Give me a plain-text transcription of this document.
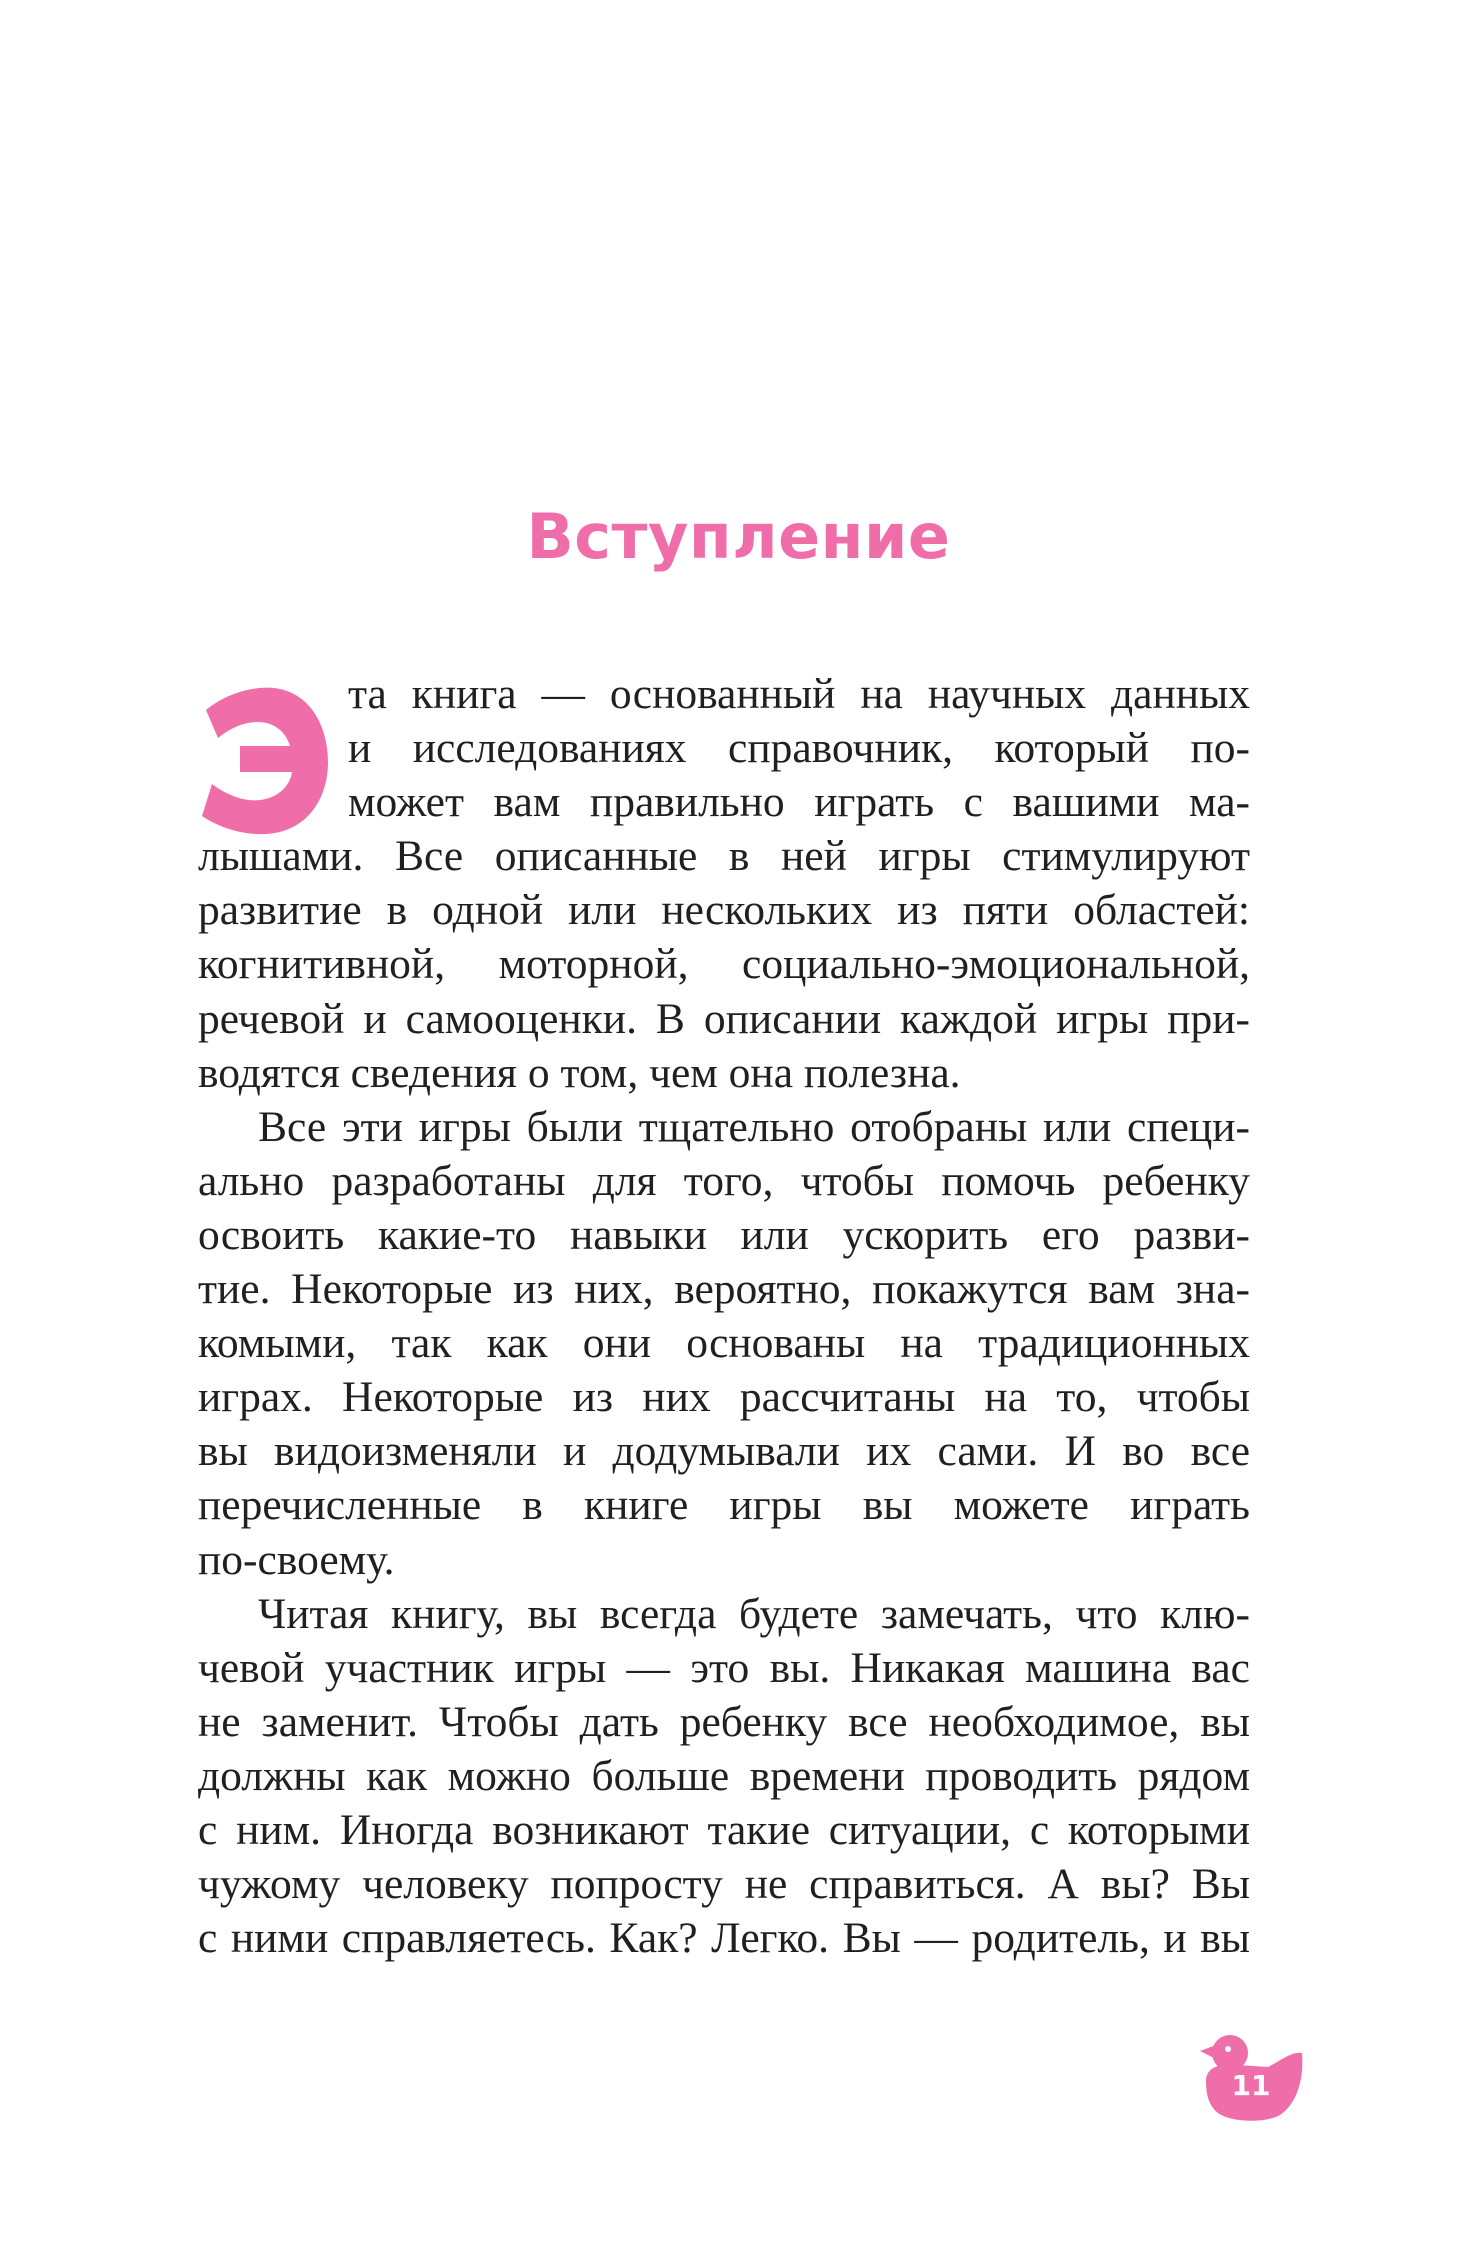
Вступление
та книга — основанный на научных данных
и исследованиях справочник, который по-
может вам правильно играть с вашими ма-
лышами. Все описанные в ней игры стимулируют
развитие в одной или нескольких из пяти областей:
когнитивной, моторной, социально-эмоциональной,
речевой и самооценки. В описании каждой игры при-
водятся сведения о том, чем она полезна.
Все эти игры были тщательно отобраны или специ-
ально разработаны для того, чтобы помочь ребенку
освоить какие-то навыки или ускорить его разви-
тие. Некоторые из них, вероятно, покажутся вам зна-
комыми, так как они основаны на традиционных
играх. Некоторые из них рассчитаны на то, чтобы
вы видоизменяли и додумывали их сами. И во все
перечисленные в книге игры вы можете играть
по-своему.
Читая книгу, вы всегда будете замечать, что клю-
чевой участник игры — это вы. Никакая машина вас
не заменит. Чтобы дать ребенку все необходимое, вы
должны как можно больше времени проводить рядом
с ним. Иногда возникают такие ситуации, с которыми
чужому человеку попросту не справиться. А вы? Вы
с ними справляетесь. Как? Легко. Вы — родитель, и вы
11
